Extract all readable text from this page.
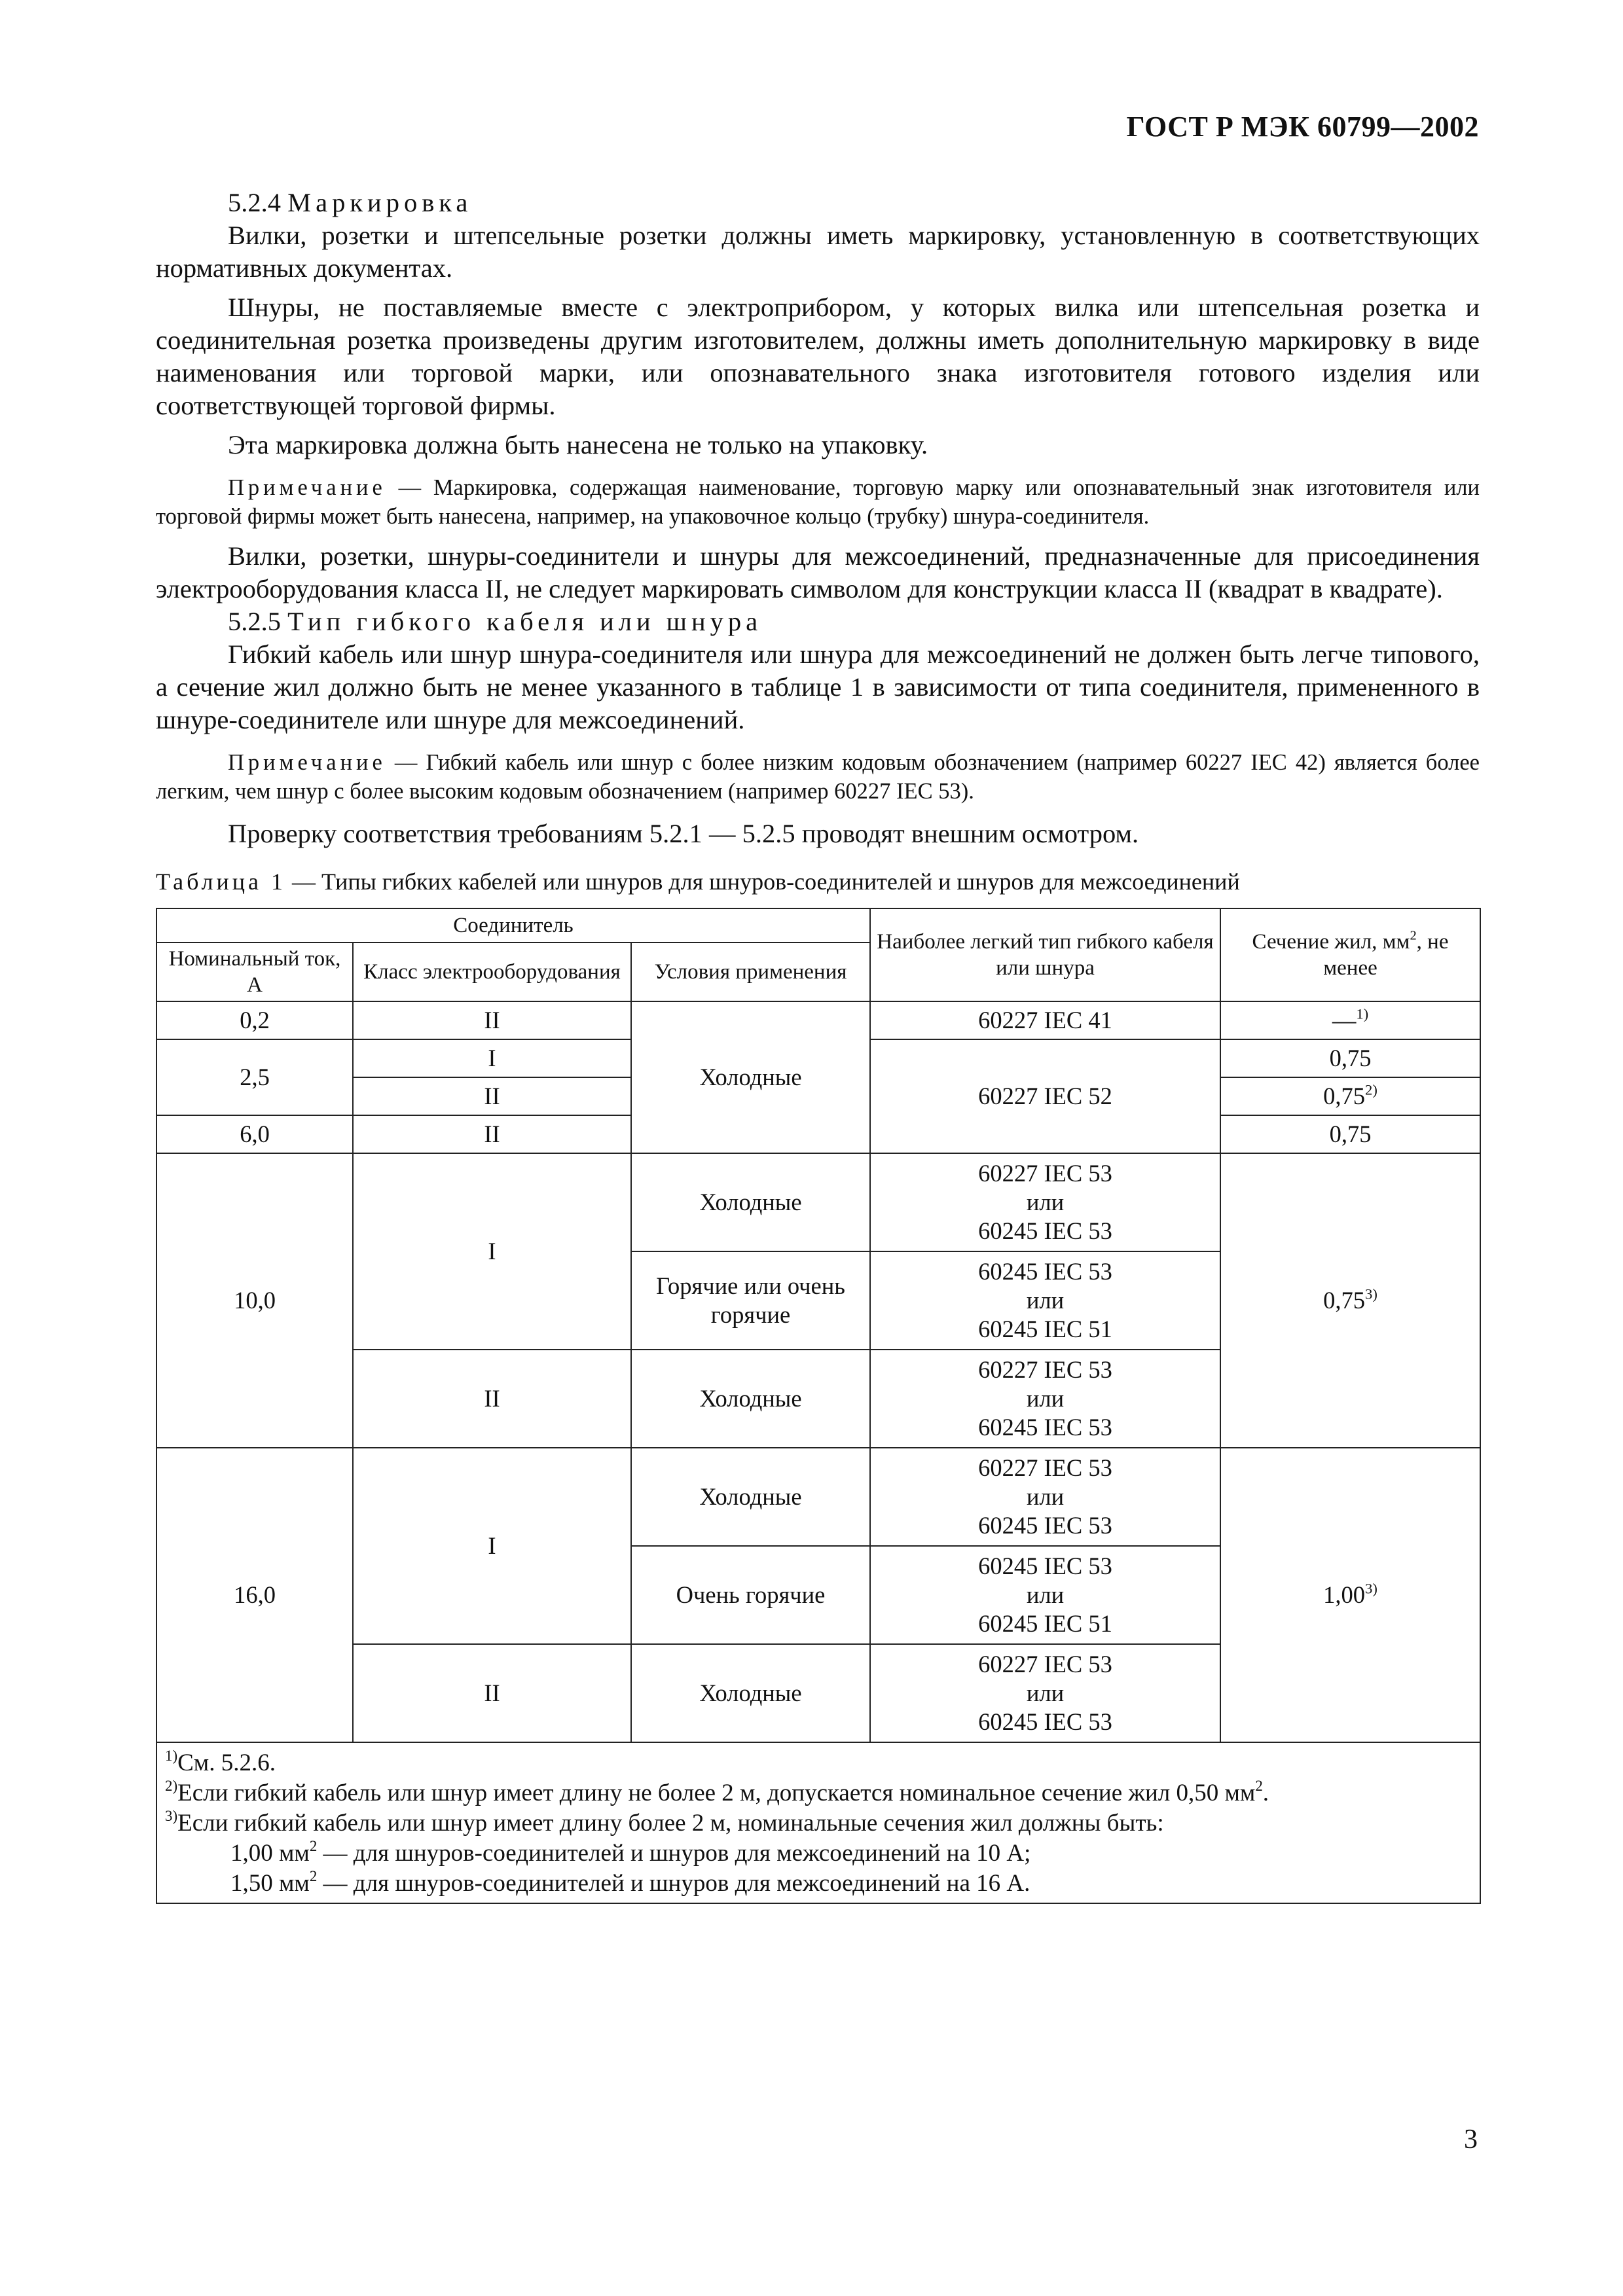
ГОСТ Р МЭК 60799—2002

5.2.4 Маркировка

Вилки, розетки и штепсельные розетки должны иметь маркировку, установленную в соответствующих нормативных документах.

Шнуры, не поставляемые вместе с электроприбором, у которых вилка или штепсельная розетка и соединительная розетка произведены другим изготовителем, должны иметь дополнительную маркировку в виде наименования или торговой марки, или опознавательного знака изготовителя готового изделия или соответствующей торговой фирмы.

Эта маркировка должна быть нанесена не только на упаковку.

Примечание — Маркировка, содержащая наименование, торговую марку или опознавательный знак изготовителя или торговой фирмы может быть нанесена, например, на упаковочное кольцо (трубку) шнура-соединителя.

Вилки, розетки, шнуры-соединители и шнуры для межсоединений, предназначенные для присоединения электрооборудования класса II, не следует маркировать символом для конструкции класса II (квадрат в квадрате).

5.2.5 Тип гибкого кабеля или шнура

Гибкий кабель или шнур шнура-соединителя или шнура для межсоединений не должен быть легче типового, а сечение жил должно быть не менее указанного в таблице 1 в зависимости от типа соединителя, примененного в шнуре-соединителе или шнуре для межсоединений.

Примечание — Гибкий кабель или шнур с более низким кодовым обозначением (например 60227 IEC 42) является более легким, чем шнур с более высоким кодовым обозначением (например 60227 IEC 53).

Проверку соответствия требованиям 5.2.1 — 5.2.5 проводят внешним осмотром.

Таблица 1 — Типы гибких кабелей или шнуров для шнуров-соединителей и шнуров для межсоединений
Соединитель			Наиболее легкий тип гибкого кабеля или шнура	Сечение жил, $мм^2$, не менее
Номинальный ток, А	Класс электрооборудования	Условия применения		
0,2	II	Холодные	60227 IEC 41	—$^{1)}$
2,5	I		60227 IEC 52	0,75
	II			0,75$^{2)}$
6,0	II			0,75
10,0	I	Холодные	60227 IEC 53
или
60245 IEC 53	0,75$^{3)}$
		Горячие или очень горячие	60245 IEC 53
или
60245 IEC 51	

	II	Холодные	60227 IEC 53
или
60245 IEC 53	

16,0	I	Холодные	60227 IEC 53
или
60245 IEC 53	1,00$^{3)}$
		Очень горячие	60245 IEC 53
или
60245 IEC 51	

	II	Холодные	60227 IEC 53
или
60245 IEC 53	

$^{1)}$См. 5.2.6.
$^{2)}$Если гибкий кабель или шнур имеет длину не более 2 м, допускается номинальное сечение жил 0,50 $мм^2$.
$^{3)}$Если гибкий кабель или шнур имеет длину более 2 м, номинальные сечения жил должны быть:
1,00 $мм^2$ — для шнуров-соединителей и шнуров для межсоединений на 10 А;
1,50 $мм^2$ — для шнуров-соединителей и шнуров для межсоединений на 16 А.				
3
